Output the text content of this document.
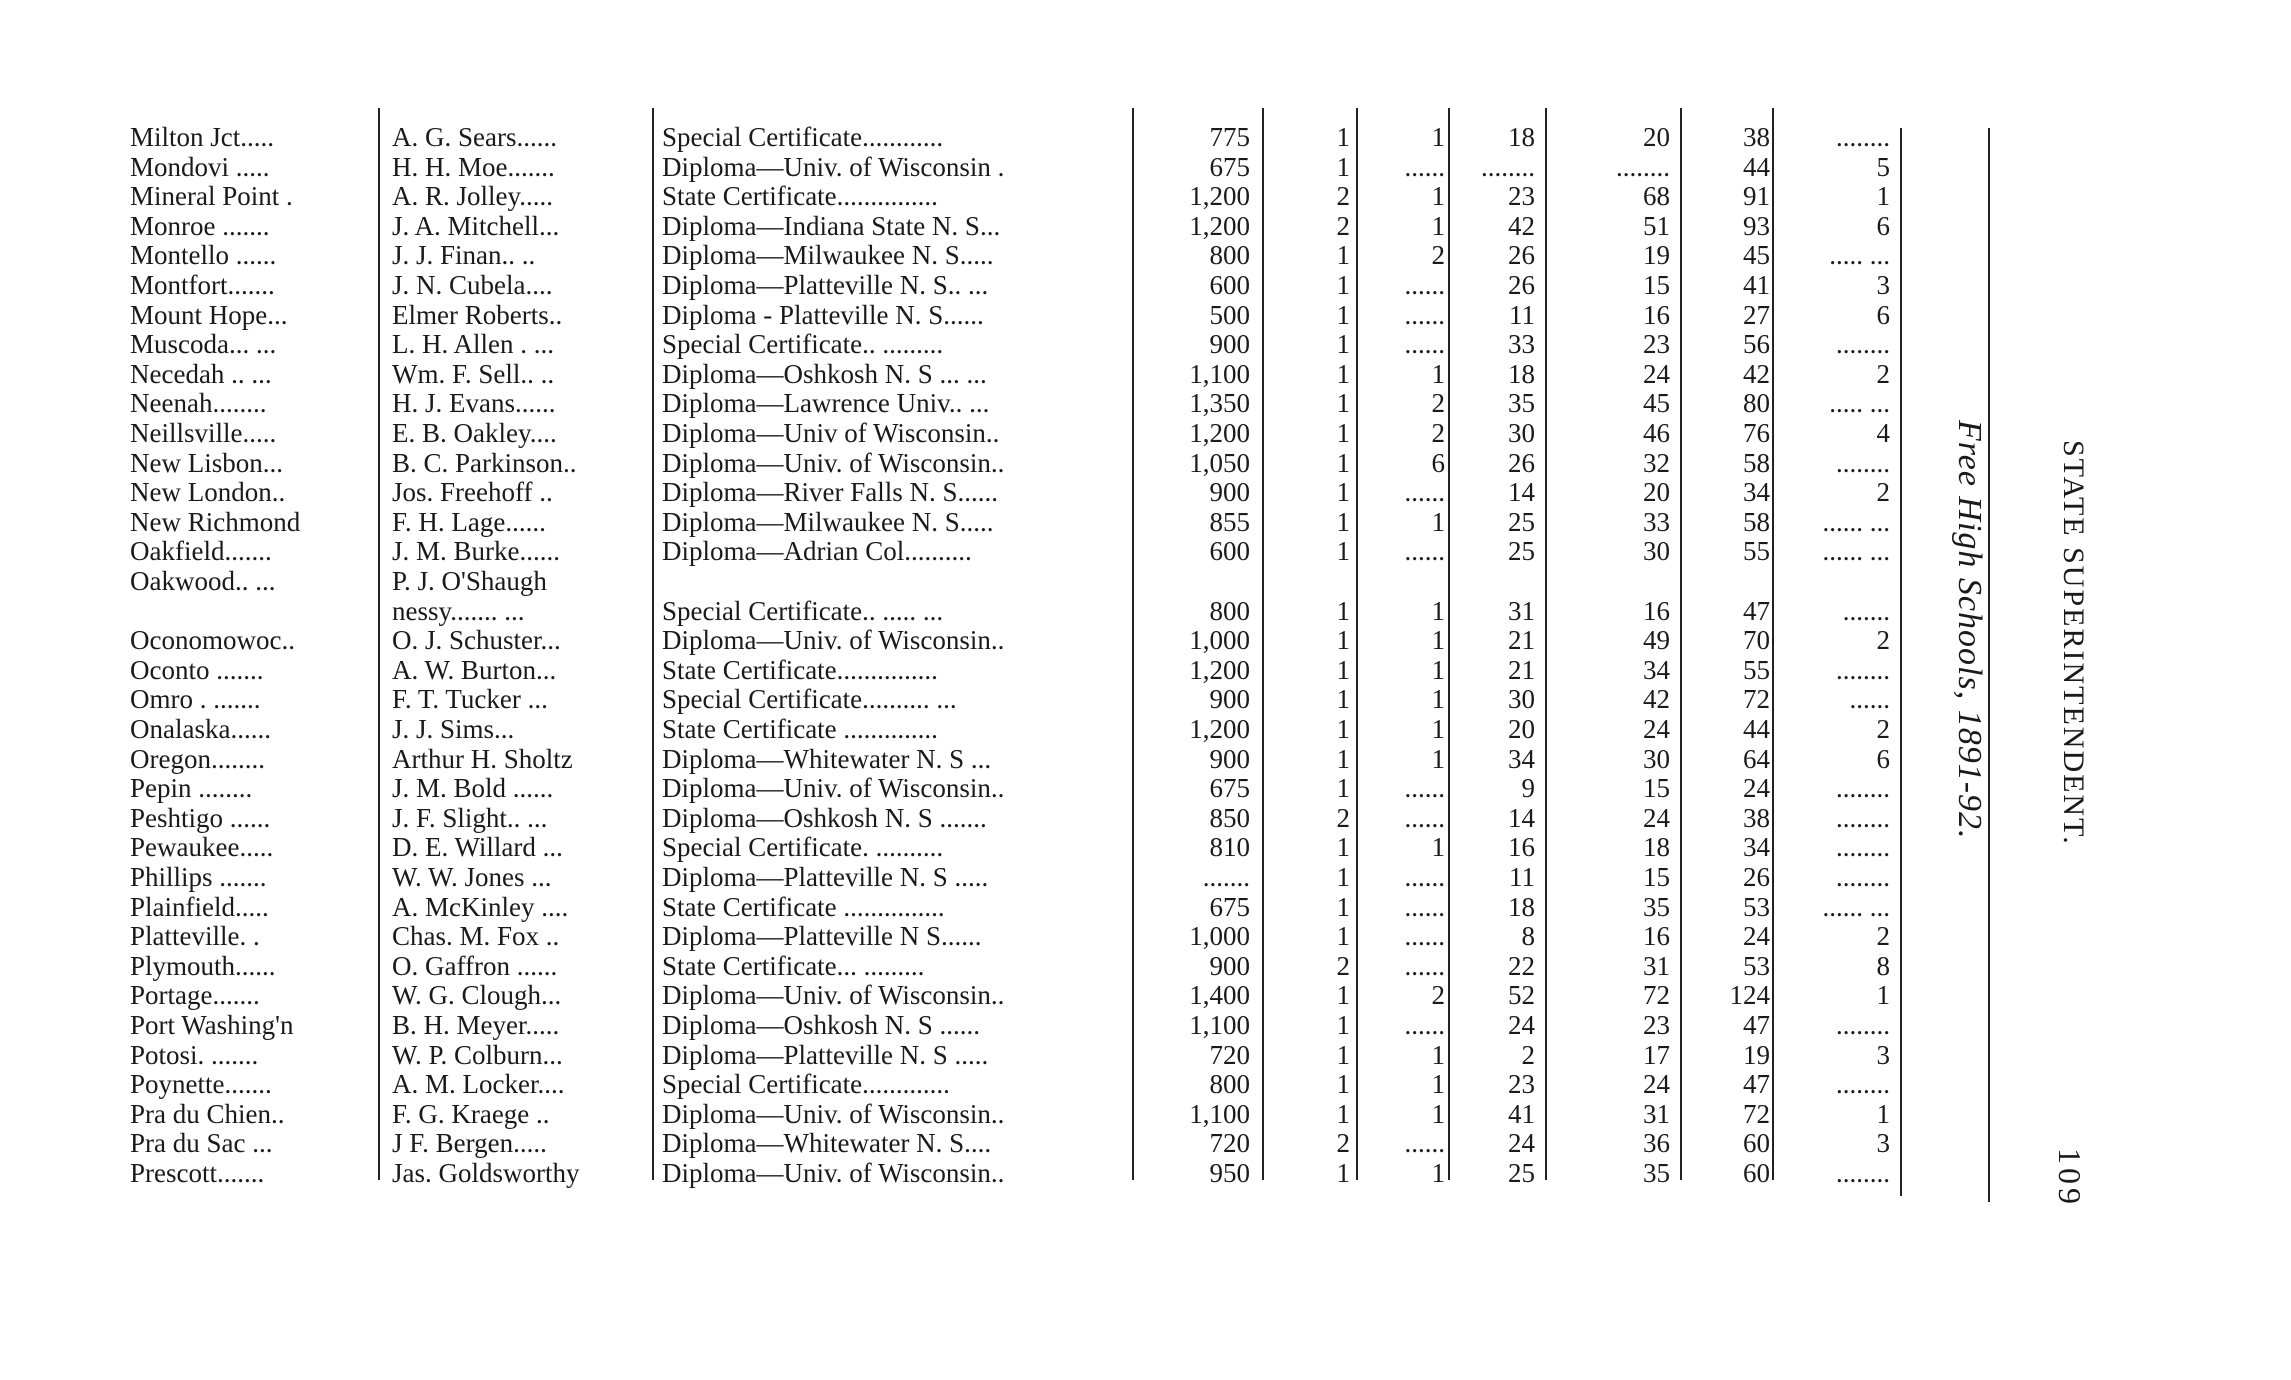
Milton Jct.....	A. G. Sears......	Special Certificate............	775	1	1	18	20	38	........
Mondovi .....	H. H. Moe.......	Diploma—Univ. of Wisconsin .	675	1	......	........	........	44	5
Mineral Point .	A. R. Jolley.....	State Certificate...............	1,200	2	1	23	68	91	1
Monroe .......	J. A. Mitchell...	Diploma—Indiana State N. S...	1,200	2	1	42	51	93	6
Montello ......	J. J. Finan.. ..	Diploma—Milwaukee N. S.....	800	1	2	26	19	45	..... ...
Montfort.......	J. N. Cubela....	Diploma—Platteville N. S.. ...	600	1	......	26	15	41	3
Mount Hope...	Elmer Roberts..	Diploma - Platteville N. S......	500	1	......	11	16	27	6
Muscoda... ...	L. H. Allen . ...	Special Certificate.. .........	900	1	......	33	23	56	........
Necedah .. ...	Wm. F. Sell.. ..	Diploma—Oshkosh N. S ... ...	1,100	1	1	18	24	42	2
Neenah........	H. J. Evans......	Diploma—Lawrence Univ.. ...	1,350	1	2	35	45	80	..... ...
Neillsville.....	E. B. Oakley....	Diploma—Univ of Wisconsin..	1,200	1	2	30	46	76	4
New Lisbon...	B. C. Parkinson..	Diploma—Univ. of Wisconsin..	1,050	1	6	26	32	58	........
New London..	Jos. Freehoff ..	Diploma—River Falls N. S......	900	1	......	14	20	34	2
New Richmond	F. H. Lage......	Diploma—Milwaukee N. S.....	855	1	1	25	33	58	...... ...
Oakfield.......	J. M. Burke......	Diploma—Adrian Col..........	600	1	......	25	30	55	...... ...
Oakwood.. ...	P. J. O'Shaugh
nessy....... ...	Special Certificate.. ..... ...	800	1	1	31	16	47	.......
Oconomowoc..	O. J. Schuster...	Diploma—Univ. of Wisconsin..	1,000	1	1	21	49	70	2
Oconto .......	A. W. Burton...	State Certificate...............	1,200	1	1	21	34	55	........
Omro . .......	F. T. Tucker ...	Special Certificate.......... ...	900	1	1	30	42	72	......
Onalaska......	J. J. Sims...	State Certificate ..............	1,200	1	1	20	24	44	2
Oregon........	Arthur H. Sholtz	Diploma—Whitewater N. S ...	900	1	1	34	30	64	6
Pepin ........	J. M. Bold ......	Diploma—Univ. of Wisconsin..	675	1	......	9	15	24	........
Peshtigo ......	J. F. Slight.. ...	Diploma—Oshkosh N. S .......	850	2	......	14	24	38	........
Pewaukee.....	D. E. Willard ...	Special Certificate. ..........	810	1	1	16	18	34	........
Phillips .......	W. W. Jones ...	Diploma—Platteville N. S .....	.......	1	......	11	15	26	........
Plainfield.....	A. McKinley ....	State Certificate ...............	675	1	......	18	35	53	...... ...
Platteville. .	Chas. M. Fox ..	Diploma—Platteville N S......	1,000	1	......	8	16	24	2
Plymouth......	O. Gaffron ......	State Certificate... .........	900	2	......	22	31	53	8
Portage.......	W. G. Clough...	Diploma—Univ. of Wisconsin..	1,400	1	2	52	72	124	1
Port Washing'n	B. H. Meyer.....	Diploma—Oshkosh N. S ......	1,100	1	......	24	23	47	........
Potosi. .......	W. P. Colburn...	Diploma—Platteville N. S .....	720	1	1	2	17	19	3
Poynette.......	A. M. Locker....	Special Certificate.............	800	1	1	23	24	47	........
Pra du Chien..	F. G. Kraege ..	Diploma—Univ. of Wisconsin..	1,100	1	1	41	31	72	1
Pra du Sac ...	J F. Bergen.....	Diploma—Whitewater N. S....	720	2	......	24	36	60	3
Prescott.......	Jas. Goldsworthy	Diploma—Univ. of Wisconsin..	950	1	1	25	35	60	........
Free High Schools, 1891-92. STATE SUPERINTENDENT.
109
